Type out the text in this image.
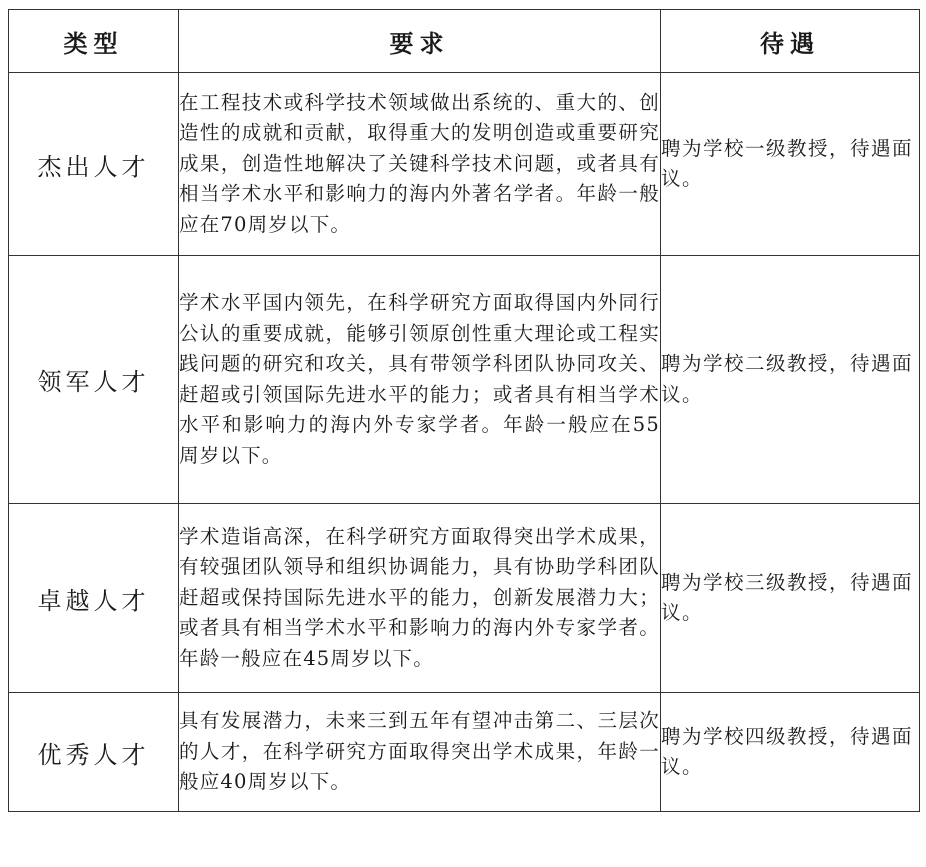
类型	要求	待遇
杰出人才	在工程技术或科学技术领域做出系统的、重大的、创造性的成就和贡献，取得重大的发明创造或重要研究成果，创造性地解决了关键科学技术问题，或者具有相当学术水平和影响力的海内外著名学者。年龄一般应在70周岁以下。	聘为学校一级教授，待遇面议。
领军人才	学术水平国内领先，在科学研究方面取得国内外同行公认的重要成就，能够引领原创性重大理论或工程实践问题的研究和攻关，具有带领学科团队协同攻关、赶超或引领国际先进水平的能力；或者具有相当学术水平和影响力的海内外专家学者。年龄一般应在55周岁以下。	聘为学校二级教授，待遇面议。
卓越人才	学术造诣高深，在科学研究方面取得突出学术成果，有较强团队领导和组织协调能力，具有协助学科团队赶超或保持国际先进水平的能力，创新发展潜力大；或者具有相当学术水平和影响力的海内外专家学者。年龄一般应在45周岁以下。	聘为学校三级教授，待遇面议。
优秀人才	具有发展潜力，未来三到五年有望冲击第二、三层次的人才，在科学研究方面取得突出学术成果，年龄一般应40周岁以下。	聘为学校四级教授，待遇面议。
